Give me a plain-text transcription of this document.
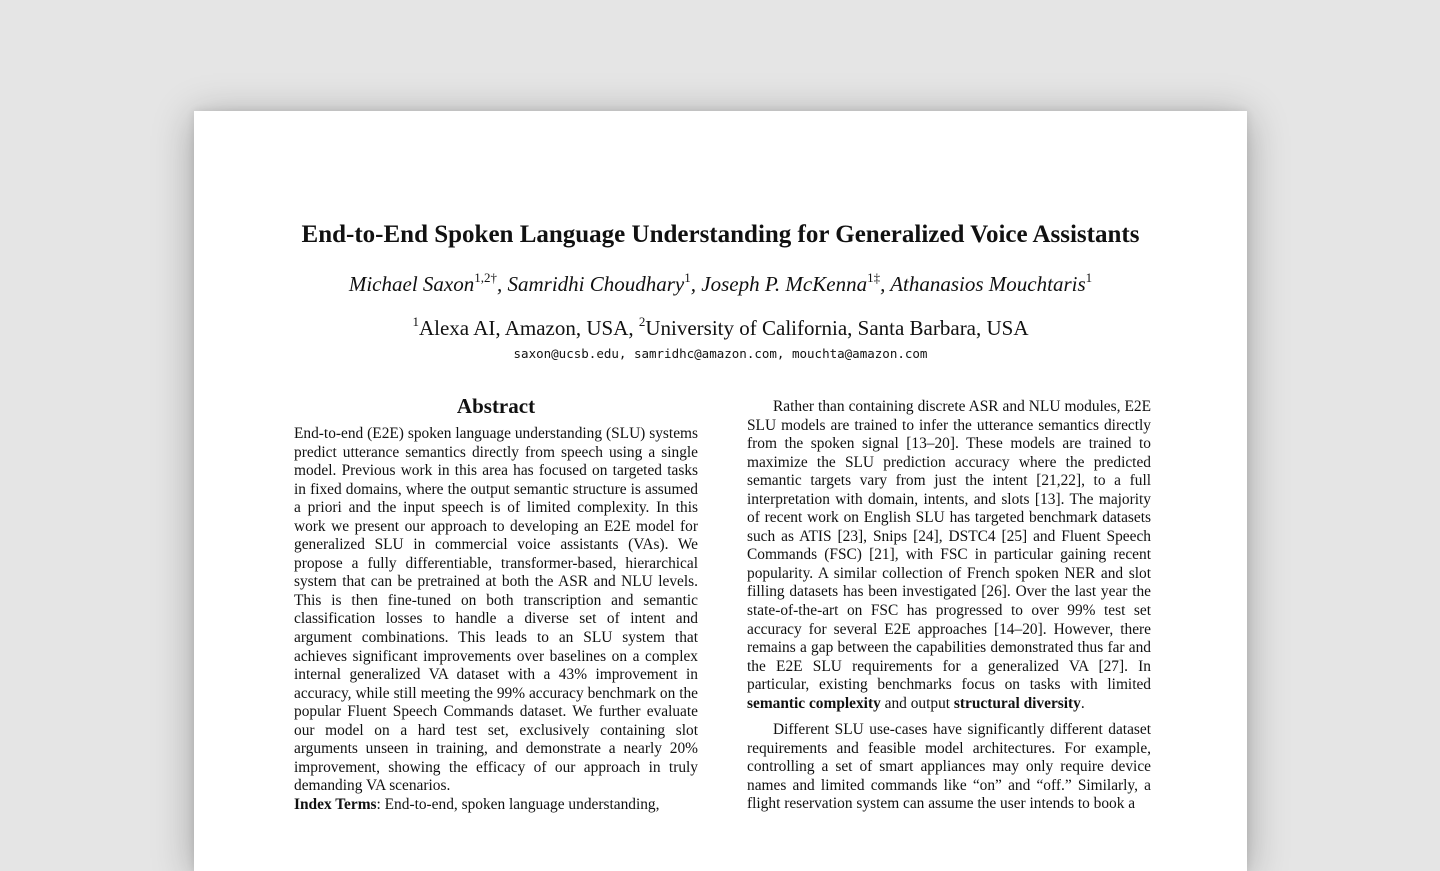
End-to-End Spoken Language Understanding for Generalized Voice Assistants
Michael Saxon$^{1,2\dagger}$, Samridhi Choudhary$^1$, Joseph P. McKenna$^{1\ddagger}$, Athanasios Mouchtaris$^1$
$^1$Alexa AI, Amazon, USA, $^2$University of California, Santa Barbara, USA
saxon@ucsb.edu, samridhc@amazon.com, mouchta@amazon.com
Abstract

End-to-end (E2E) spoken language understanding (SLU) systems predict utterance semantics directly from speech using a single model. Previous work in this area has focused on targeted tasks in fixed domains, where the output semantic structure is assumed a priori and the input speech is of limited complexity. In this work we present our approach to developing an E2E model for generalized SLU in commercial voice assistants (VAs). We propose a fully differentiable, transformer-based, hierarchical system that can be pretrained at both the ASR and NLU levels. This is then fine-tuned on both transcription and semantic classification losses to handle a diverse set of intent and argument combinations. This leads to an SLU system that achieves significant improvements over baselines on a complex internal generalized VA dataset with a 43% improvement in accuracy, while still meeting the 99% accuracy benchmark on the popular Fluent Speech Commands dataset. We further evaluate our model on a hard test set, exclusively containing slot arguments unseen in training, and demonstrate a nearly 20% improvement, showing the efficacy of our approach in truly demanding VA scenarios.

Index Terms: End-to-end, spoken language understanding,

Rather than containing discrete ASR and NLU modules, E2E SLU models are trained to infer the utterance semantics directly from the spoken signal [13–20]. These models are trained to maximize the SLU prediction accuracy where the predicted semantic targets vary from just the intent [21,22], to a full interpretation with domain, intents, and slots [13]. The majority of recent work on English SLU has targeted benchmark datasets such as ATIS [23], Snips [24], DSTC4 [25] and Fluent Speech Commands (FSC) [21], with FSC in particular gaining recent popularity. A similar collection of French spoken NER and slot filling datasets has been investigated [26]. Over the last year the state-of-the-art on FSC has progressed to over 99% test set accuracy for several E2E approaches [14–20]. However, there remains a gap between the capabilities demonstrated thus far and the E2E SLU requirements for a generalized VA [27]. In particular, existing benchmarks focus on tasks with limited semantic complexity and output structural diversity.

Different SLU use-cases have significantly different dataset requirements and feasible model architectures. For example, controlling a set of smart appliances may only require device names and limited commands like “on” and “off.” Similarly, a flight reservation system can assume the user intends to book a
